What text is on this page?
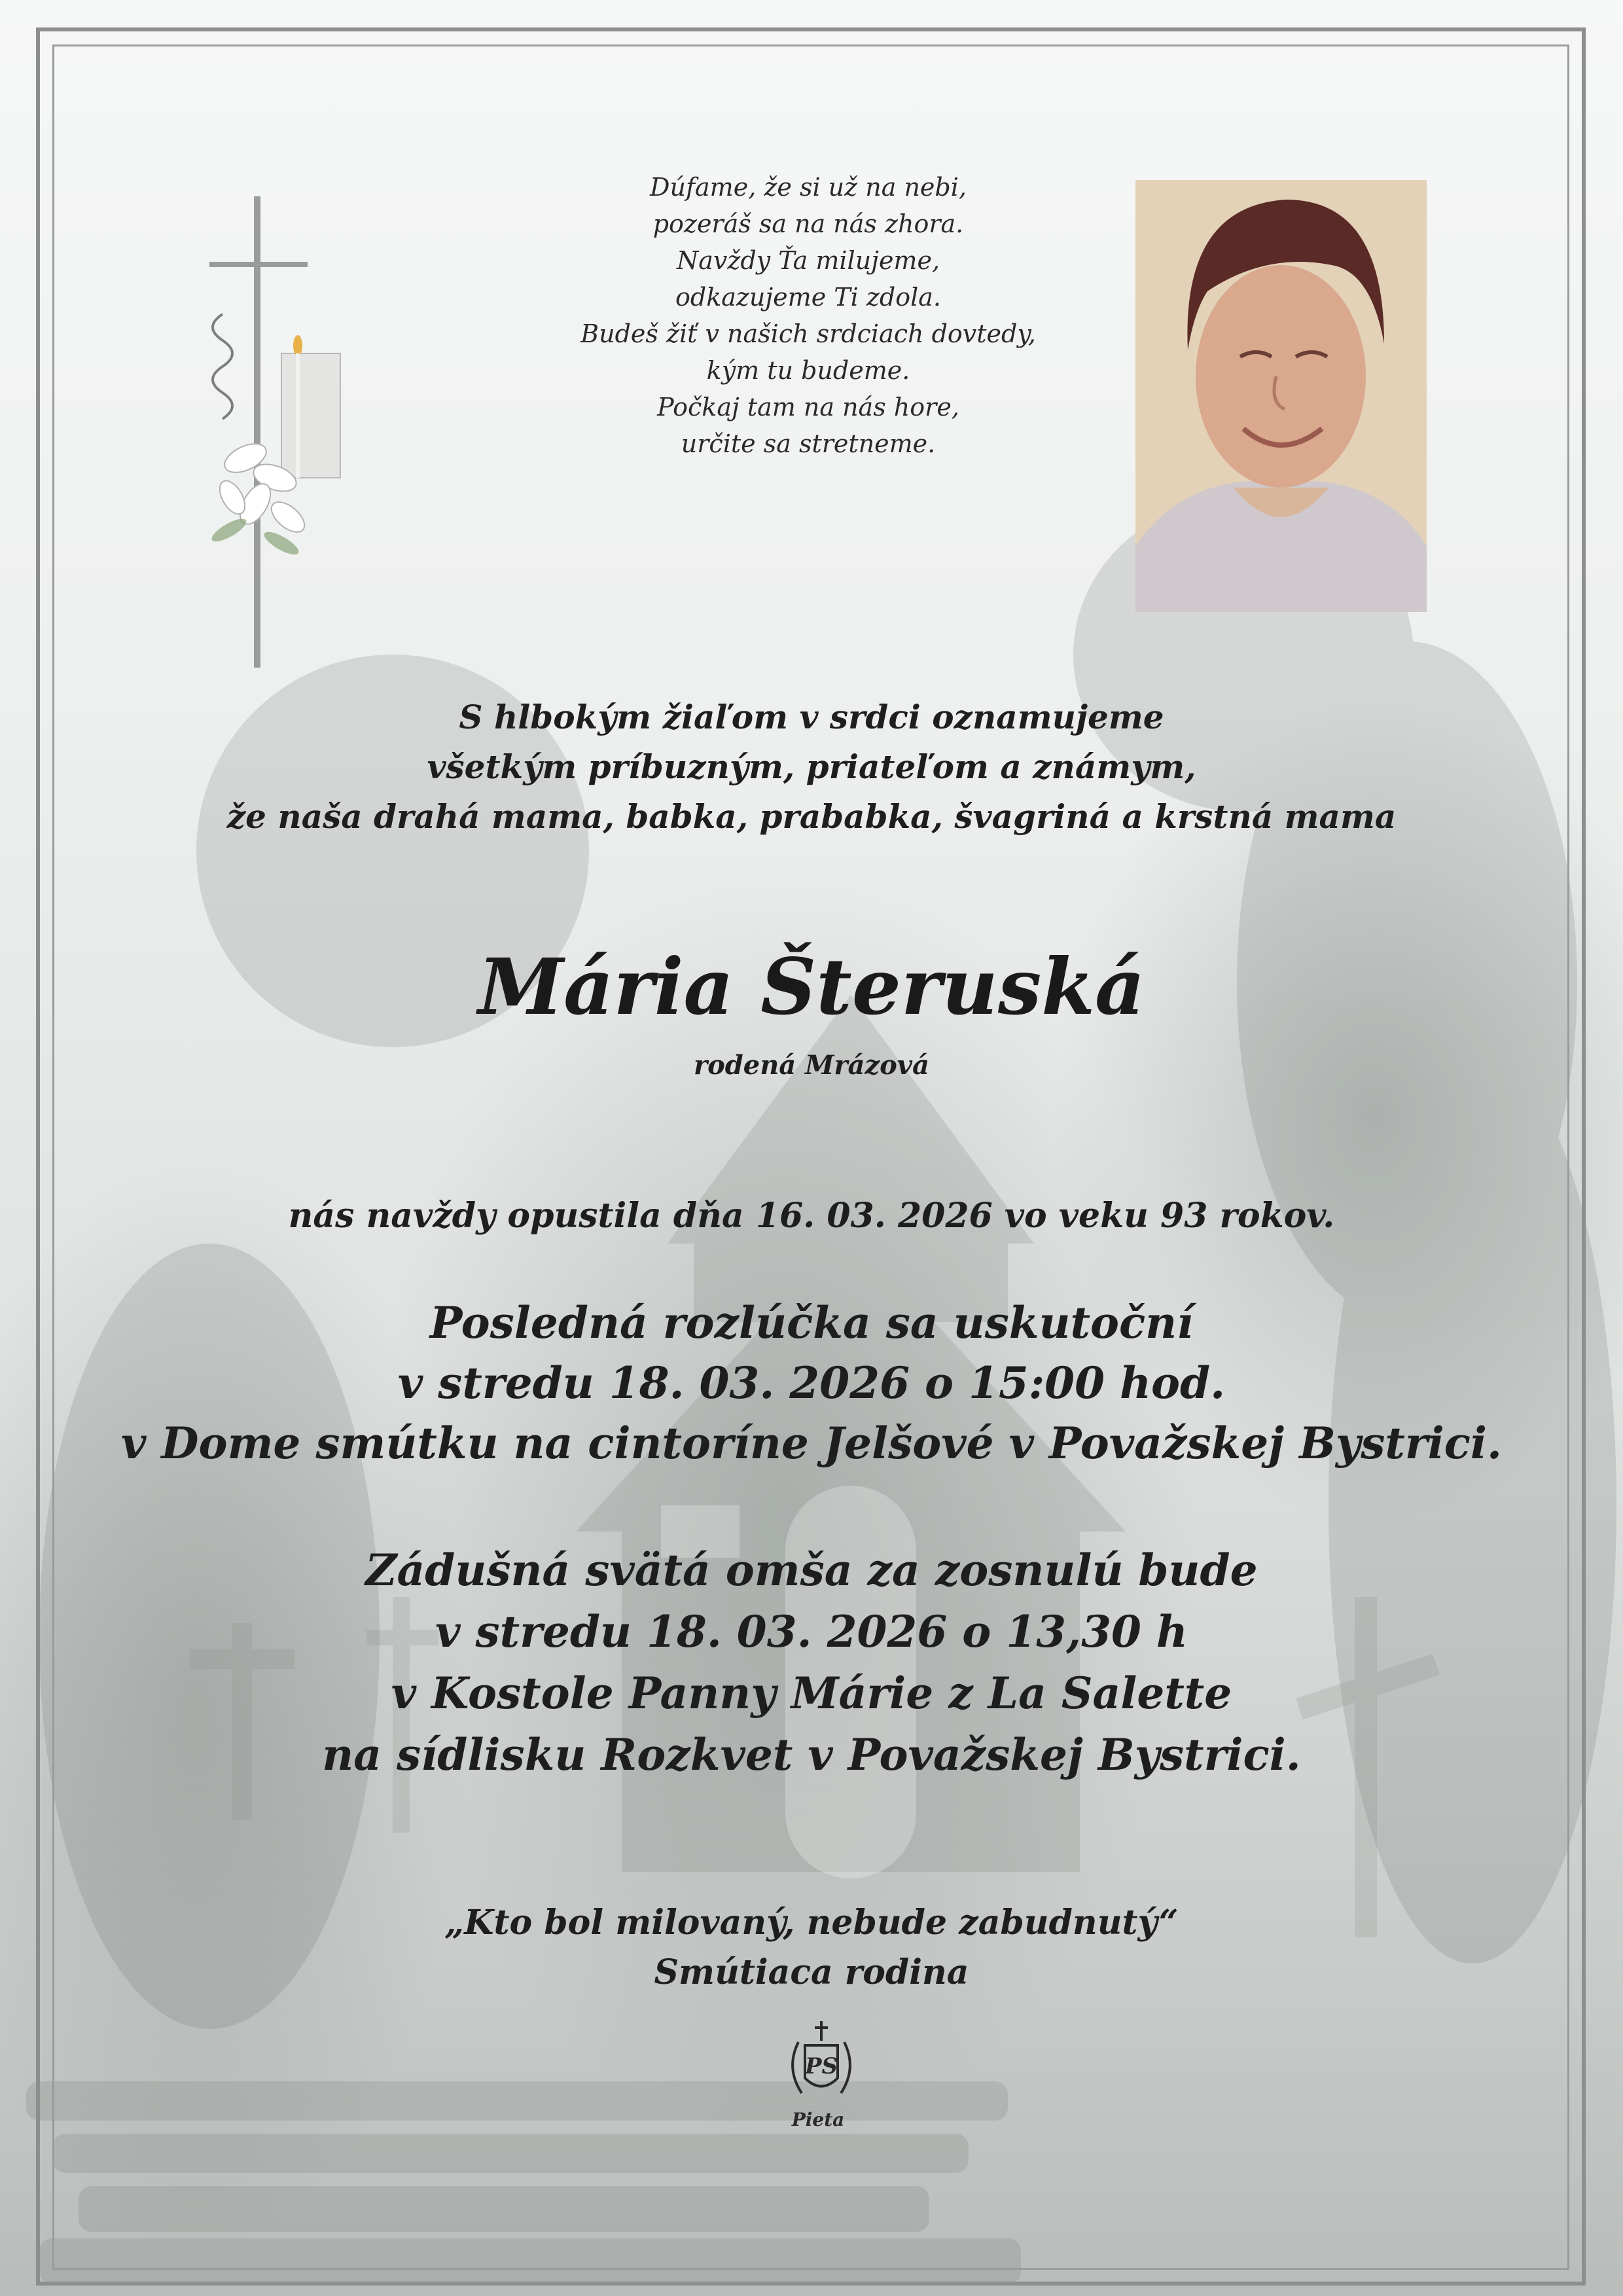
Dúfame, že si už na nebi,
pozeráš sa na nás zhora.
Navždy Ťa milujeme,
odkazujeme Ti zdola.
Budeš žiť v našich srdciach dovtedy,
kým tu budeme.
Počkaj tam na nás hore,
určite sa stretneme.
S hlbokým žiaľom v srdci oznamujeme
všetkým príbuzným, priateľom a známym,
že naša drahá mama, babka, prababka, švagriná a krstná mama
Mária Šteruská
rodená Mrázová
nás navždy opustila dňa 16. 03. 2026 vo veku 93 rokov.
Posledná rozlúčka sa uskutoční
v stredu 18. 03. 2026 o 15:00 hod.
v Dome smútku na cintoríne Jelšové v Považskej Bystrici.
Zádušná svätá omša za zosnulú bude
v stredu 18. 03. 2026 o 13,30 h
v Kostole Panny Márie z La Salette
na sídlisku Rozkvet v Považskej Bystrici.
„Kto bol milovaný, nebude zabudnutý“
Smútiaca rodina
PS
Pieta
